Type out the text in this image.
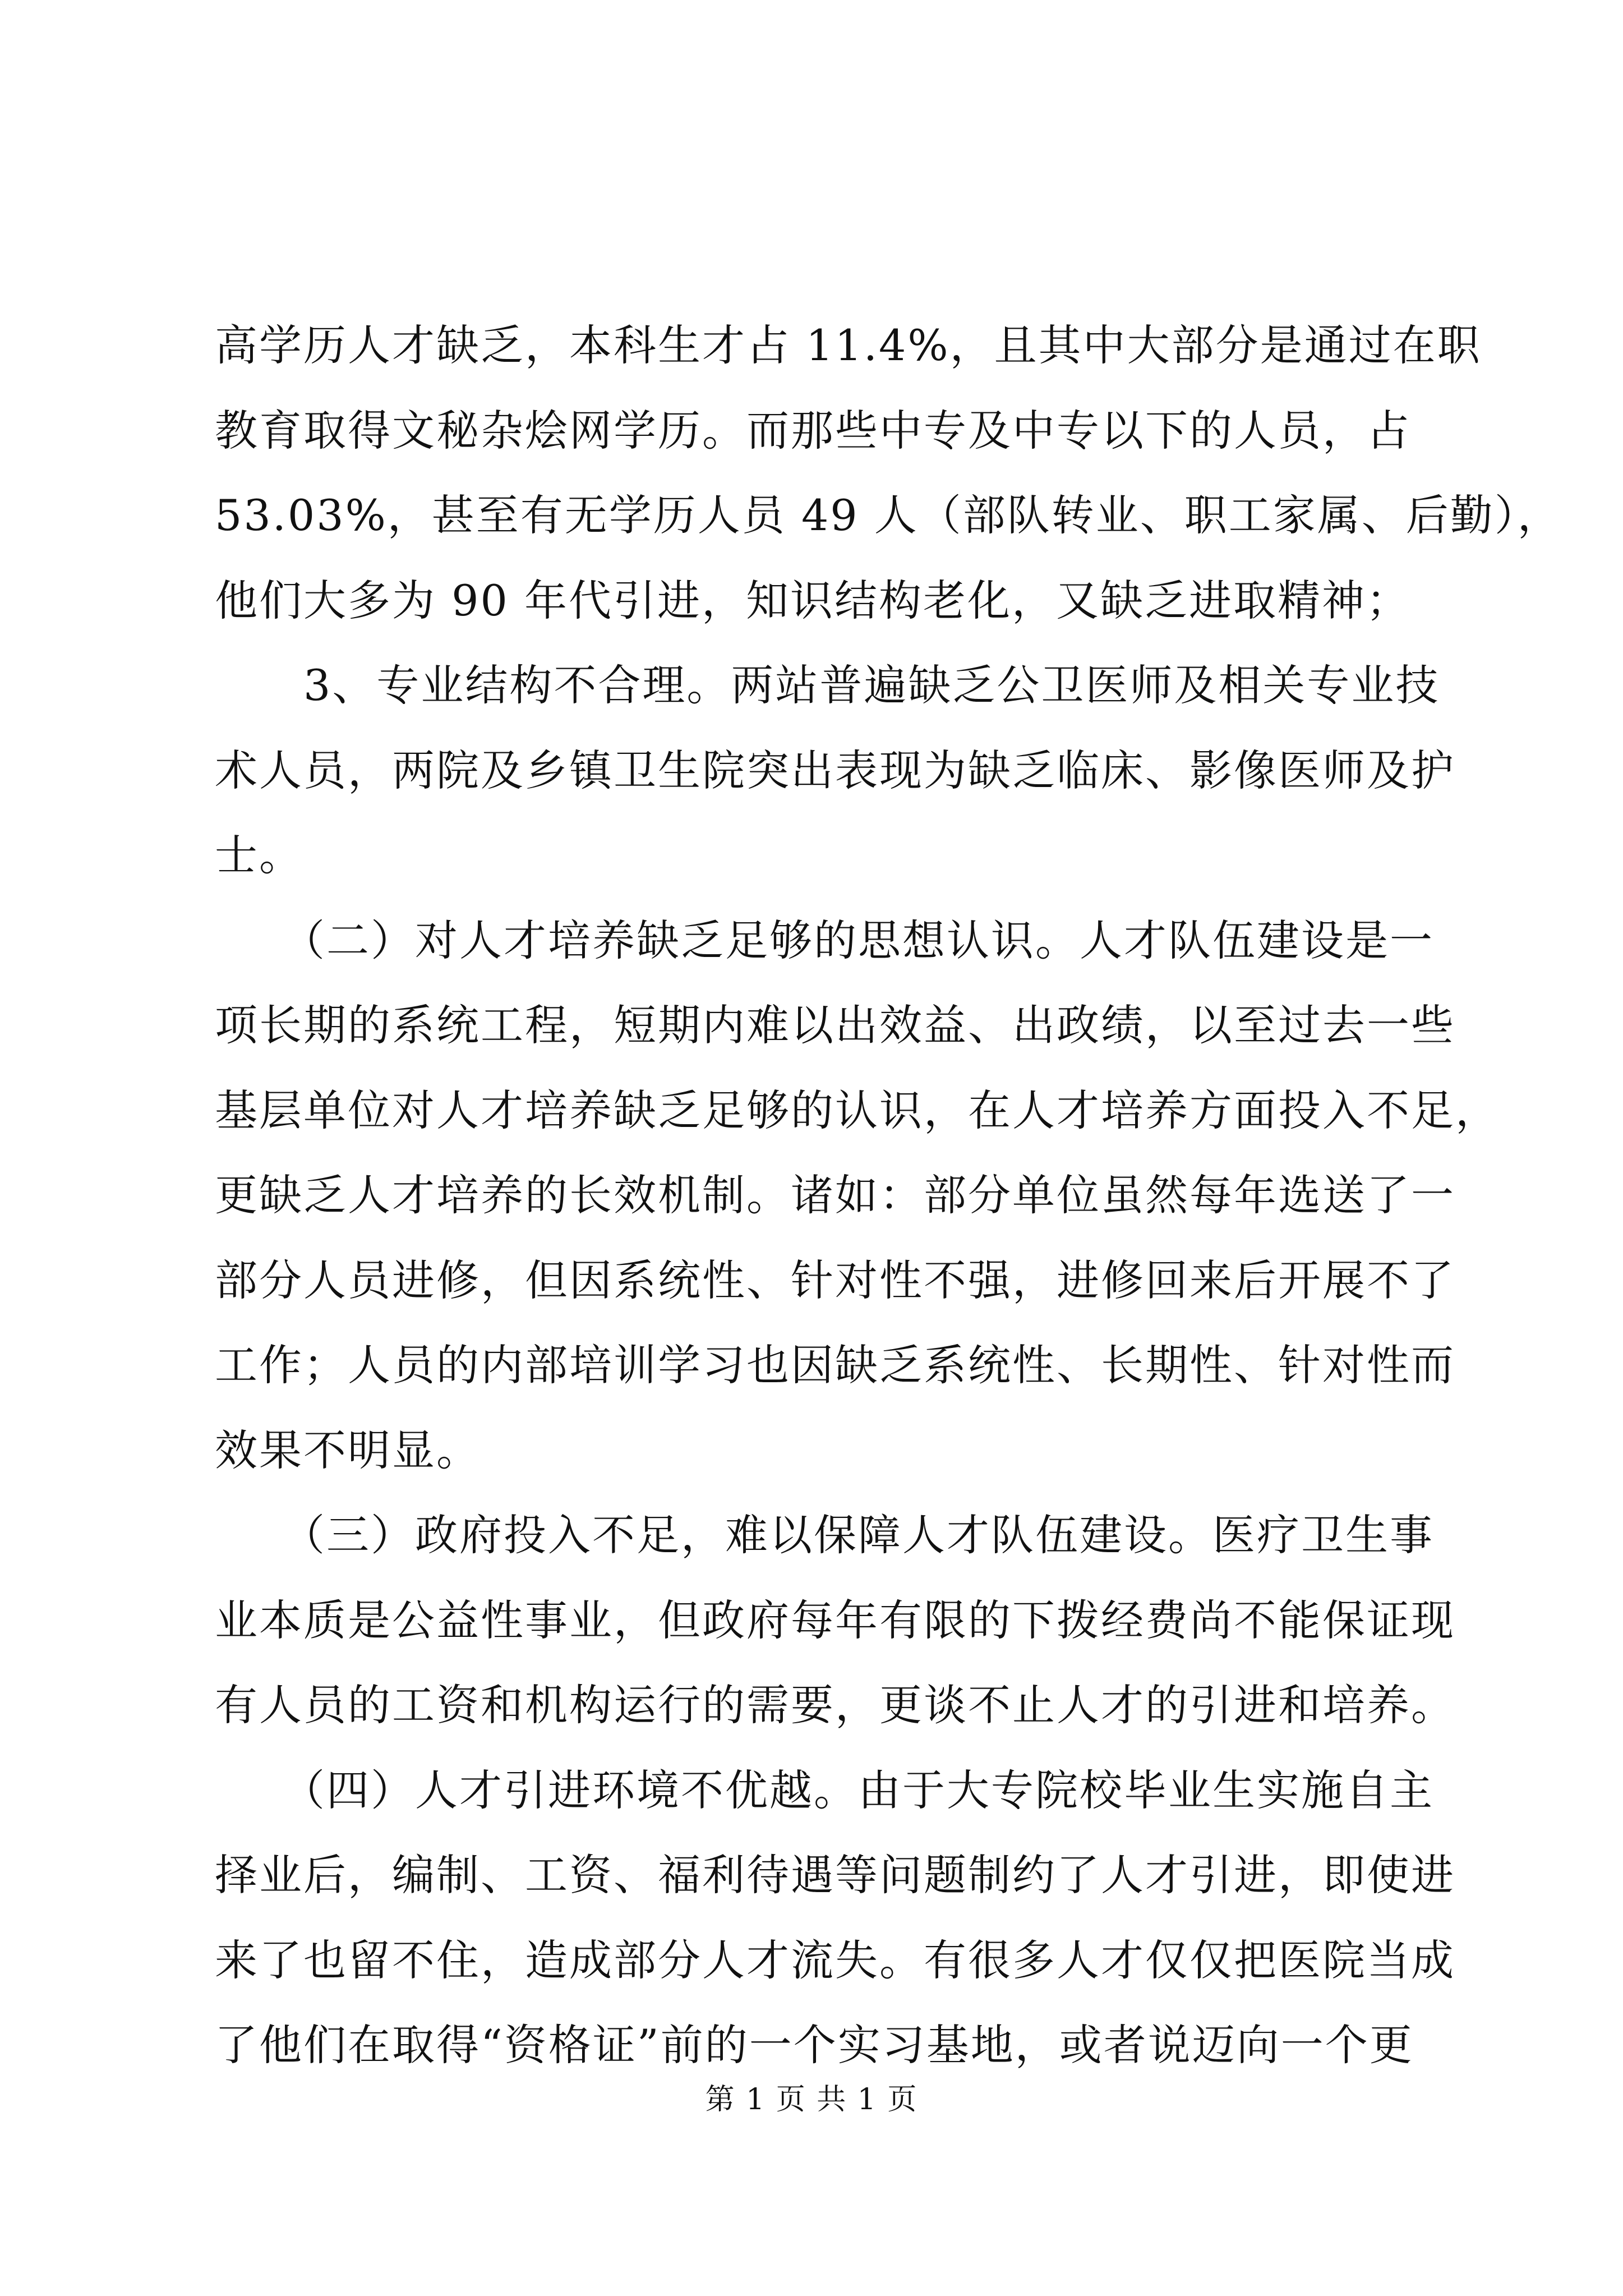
高学历人才缺乏，本科生才占 11.4%，且其中大部分是通过在职
教育取得文秘杂烩网学历。而那些中专及中专以下的人员，占
53.03%，甚至有无学历人员 49 人（部队转业、职工家属、后勤），
他们大多为 90 年代引进，知识结构老化，又缺乏进取精神；
　　3、专业结构不合理。两站普遍缺乏公卫医师及相关专业技
术人员，两院及乡镇卫生院突出表现为缺乏临床、影像医师及护
士。
　　（二）对人才培养缺乏足够的思想认识。人才队伍建设是一
项长期的系统工程，短期内难以出效益、出政绩，以至过去一些
基层单位对人才培养缺乏足够的认识，在人才培养方面投入不足，
更缺乏人才培养的长效机制。诸如：部分单位虽然每年选送了一
部分人员进修，但因系统性、针对性不强，进修回来后开展不了
工作；人员的内部培训学习也因缺乏系统性、长期性、针对性而
效果不明显。
　　（三）政府投入不足，难以保障人才队伍建设。医疗卫生事
业本质是公益性事业，但政府每年有限的下拨经费尚不能保证现
有人员的工资和机构运行的需要，更谈不止人才的引进和培养。
　　（四）人才引进环境不优越。由于大专院校毕业生实施自主
择业后，编制、工资、福利待遇等问题制约了人才引进，即使进
来了也留不住，造成部分人才流失。有很多人才仅仅把医院当成
了他们在取得“资格证”前的一个实习基地，或者说迈向一个更
第 1 页 共 1 页
